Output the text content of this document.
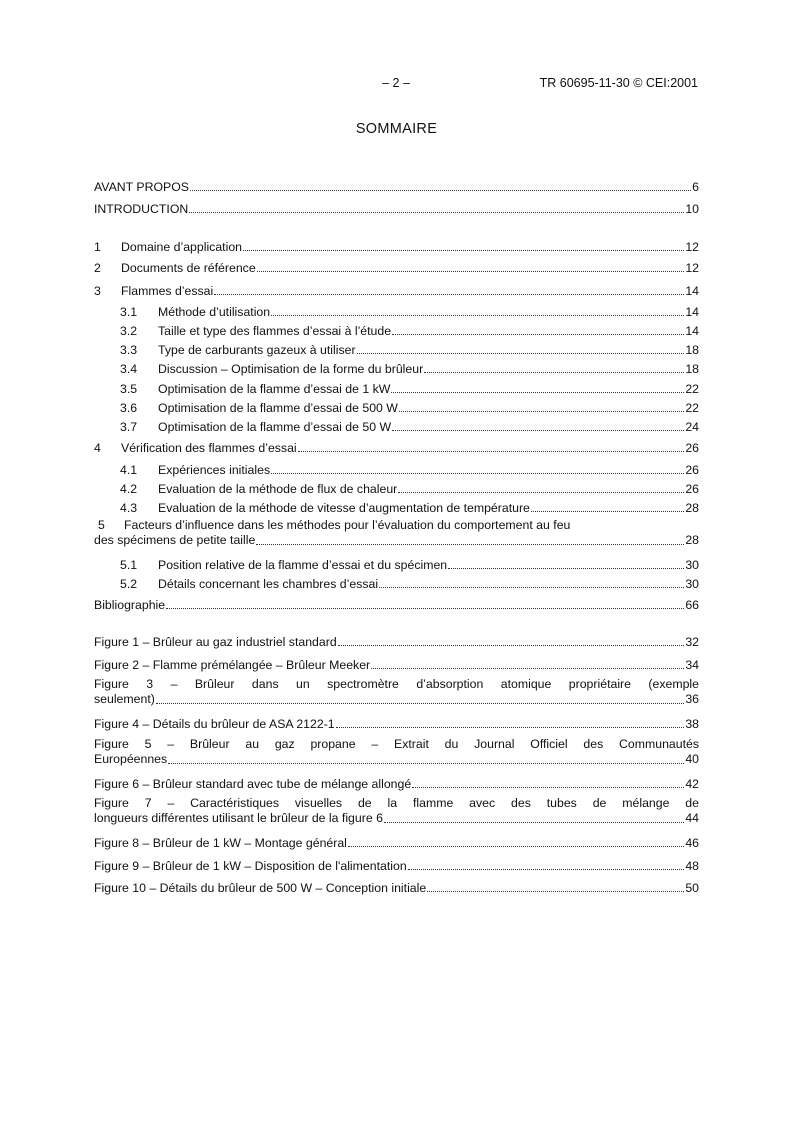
– 2 –	TR 60695-11-30 © CEI:2001
SOMMAIRE
AVANT PROPOS	6
INTRODUCTION	10
1	Domaine d’application	12
2	Documents de référence	12
3	Flammes d’essai	14
3.1	Méthode d’utilisation	14
3.2	Taille et type des flammes d’essai à l’étude	14
3.3	Type de carburants gazeux à utiliser	18
3.4	Discussion – Optimisation de la forme du brûleur	18
3.5	Optimisation de la flamme d’essai de 1 kW	22
3.6	Optimisation de la flamme d’essai de 500 W	22
3.7	Optimisation de la flamme d’essai de 50 W	24
4	Vérification des flammes d’essai	26
4.1	Expériences initiales	26
4.2	Evaluation de la méthode de flux de chaleur	26
4.3	Evaluation de la méthode de vitesse d’augmentation de température	28
5 Facteurs d’influence dans les méthodes pour l’évaluation du comportement au feu
des spécimens de petite taille	28
5.1	Position relative de la flamme d’essai et du spécimen	30
5.2	Détails concernant les chambres d’essai	30
Bibliographie	66
Figure 1 – Brûleur au gaz industriel standard	32
Figure 2 – Flamme prémélangée – Brûleur Meeker	34
Figure 3 – Brûleur dans un spectromètre d’absorption atomique propriétaire (exemple
seulement)	36
Figure 4 – Détails du brûleur de ASA 2122-1	38
Figure 5 – Brûleur au gaz propane – Extrait du Journal Officiel des Communautés
Européennes	40
Figure 6 – Brûleur standard avec tube de mélange allongé	42
Figure 7 – Caractéristiques visuelles de la flamme avec des tubes de mélange de
longueurs différentes utilisant le brûleur de la figure 6	44
Figure 8 – Brûleur de 1 kW – Montage général	46
Figure 9 – Brûleur de 1 kW – Disposition de l'alimentation	48
Figure 10 – Détails du brûleur de 500 W – Conception initiale	50
